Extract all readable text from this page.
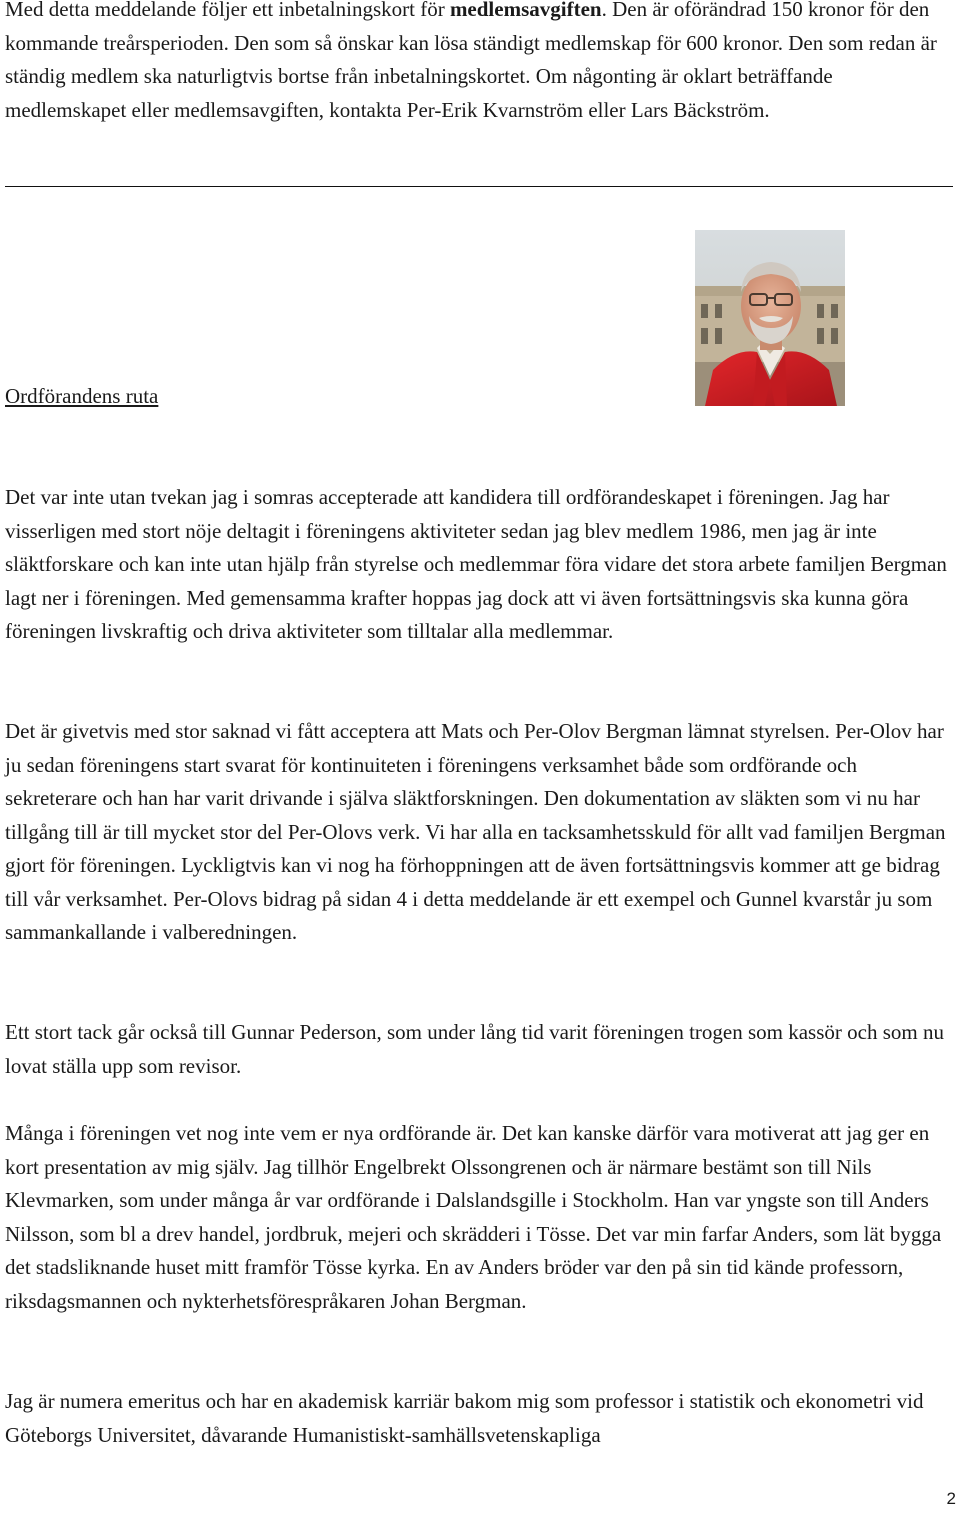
Med detta meddelande följer ett inbetalningskort för medlemsavgiften. Den är oförändrad 150 kronor för den kommande treårsperioden. Den som så önskar kan lösa ständigt medlemskap för 600 kronor. Den som redan är ständig medlem ska naturligtvis bortse från inbetalningskortet. Om någonting är oklart beträffande medlemskapet eller medlemsavgiften, kontakta Per-Erik Kvarnström eller Lars Bäckström.

Ordförandens ruta

Det var inte utan tvekan jag i somras accepterade att kandidera till ordförandeskapet i föreningen. Jag har visserligen med stort nöje deltagit i föreningens aktiviteter sedan jag blev medlem 1986, men jag är inte släktforskare och kan inte utan hjälp från styrelse och medlemmar föra vidare det stora arbete familjen Bergman lagt ner i föreningen. Med gemensamma krafter hoppas jag dock att vi även fortsättningsvis ska kunna göra föreningen livskraftig och driva aktiviteter som tilltalar alla medlemmar.

Det är givetvis med stor saknad vi fått acceptera att Mats och Per-Olov Bergman lämnat styrelsen. Per-Olov har ju sedan föreningens start svarat för kontinuiteten i föreningens verksamhet både som ordförande och sekreterare och han har varit drivande i själva släktforskningen. Den dokumentation av släkten som vi nu har tillgång till är till mycket stor del Per-Olovs verk. Vi har alla en tacksamhetsskuld för allt vad familjen Bergman gjort för föreningen. Lyckligtvis kan vi nog ha förhoppningen att de även fortsättningsvis kommer att ge bidrag till vår verksamhet. Per-Olovs bidrag på sidan 4 i detta meddelande är ett exempel och Gunnel kvarstår ju som sammankallande i valberedningen.

Ett stort tack går också till Gunnar Pederson, som under lång tid varit föreningen trogen som kassör och som nu lovat ställa upp som revisor.

Många i föreningen vet nog inte vem er nya ordförande är. Det kan kanske därför vara motiverat att jag ger en kort presentation av mig själv. Jag tillhör Engelbrekt Olssongrenen och är närmare bestämt son till Nils Klevmarken, som under många år var ordförande i Dalslandsgille i Stockholm. Han var yngste son till Anders Nilsson, som bl a drev handel, jordbruk, mejeri och skrädderi i Tösse. Det var min farfar Anders, som lät bygga det stadsliknande huset mitt framför Tösse kyrka. En av Anders bröder var den på sin tid kände professorn, riksdagsmannen och nykterhetsförespråkaren Johan Bergman.

Jag är numera emeritus och har en akademisk karriär bakom mig som professor i statistik och ekonometri vid Göteborgs Universitet, dåvarande Humanistiskt-samhällsvetenskapliga

2
